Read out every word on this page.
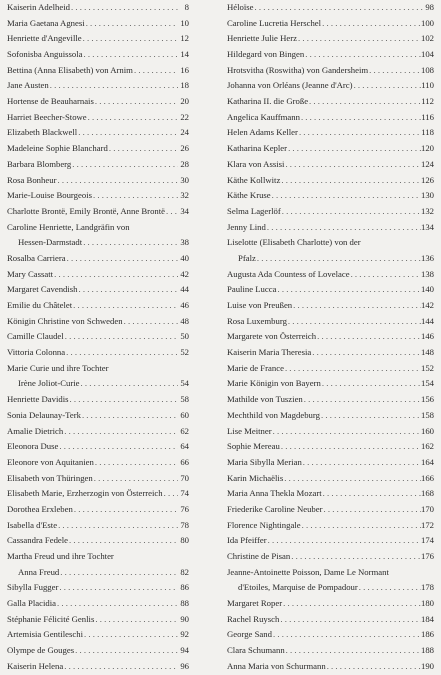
Kaiserin Adelheid .....	8
Maria Gaetana Agnesi .....	10
Henriette d'Angeville .....	12
Sofonisba Anguissola .....	14
Bettina (Anna Elisabeth) von Arnim .....	16
Jane Austen .....	18
Hortense de Beauharnais .....	20
Harriet Beecher-Stowe .....	22
Elizabeth Blackwell .....	24
Madeleine Sophie Blanchard .....	26
Barbara Blomberg .....	28
Rosa Bonheur .....	30
Marie-Louise Bourgeois .....	32
Charlotte Brontë, Emily Brontë, Anne Brontë ..... 34
Caroline Henriette, Landgräfin von
Hessen-Darmstadt .....	38
Rosalba Carriera .....	40
Mary Cassatt .....	42
Margaret Cavendish .....	44
Emilie du Châtelet .....	46
Königin Christine von Schweden .....	48
Camille Claudel .....	50
Vittoria Colonna .....	52
Marie Curie und ihre Tochter
Irène Joliot-Curie .....	54
Henriette Davidis .....	58
Sonia Delaunay-Terk .....	60
Amalie Dietrich .....	62
Eleonora Duse .....	64
Eleonore von Aquitanien .....	66
Elisabeth von Thüringen .....	70
Elisabeth Marie, Erzherzogin von Österreich ..... 74
Dorothea Erxleben .....	76
Isabella d'Este .....	78
Cassandra Fedele .....	80
Martha Freud und ihre Tochter
Anna Freud .....	82
Sibylla Fugger .....	86
Galla Placidia .....	88
Stéphanie Félicité Genlis .....	90
Artemisia Gentileschi .....	92
Olympe de Gouges .....	94
Kaiserin Helena .....	96
Héloïse .....	98
Caroline Lucretia Herschel .....	100
Henriette Julie Herz .....	102
Hildegard von Bingen .....	104
Hrotsvitha (Roswitha) von Gandersheim .....	108
Johanna von Orléans (Jeanne d'Arc) .....	110
Katharina II. die Große .....	112
Angelica Kauffmann .....	116
Helen Adams Keller .....	118
Katharina Kepler .....	120
Klara von Assisi .....	124
Käthe Kollwitz .....	126
Käthe Kruse .....	130
Selma Lagerlöf .....	132
Jenny Lind .....	134
Liselotte (Elisabeth Charlotte) von der
Pfalz .....	136
Augusta Ada Countess of Lovelace .....	138
Pauline Lucca .....	140
Luise von Preußen .....	142
Rosa Luxemburg .....	144
Margarete von Österreich .....	146
Kaiserin Maria Theresia .....	148
Marie de France .....	152
Marie Königin von Bayern .....	154
Mathilde von Tuszien .....	156
Mechthild von Magdeburg .....	158
Lise Meitner .....	160
Sophie Mereau .....	162
Maria Sibylla Merian .....	164
Karin Michaëlis .....	166
Maria Anna Thekla Mozart .....	168
Friederike Caroline Neuber .....	170
Florence Nightingale .....	172
Ida Pfeiffer .....	174
Christine de Pisan .....	176
Jeanne-Antoinette Poisson, Dame Le Normant
d'Etoiles, Marquise de Pompadour .....	178
Margaret Roper .....	180
Rachel Ruysch .....	184
George Sand .....	186
Clara Schumann .....	188
Anna Maria von Schurmann .....	190
